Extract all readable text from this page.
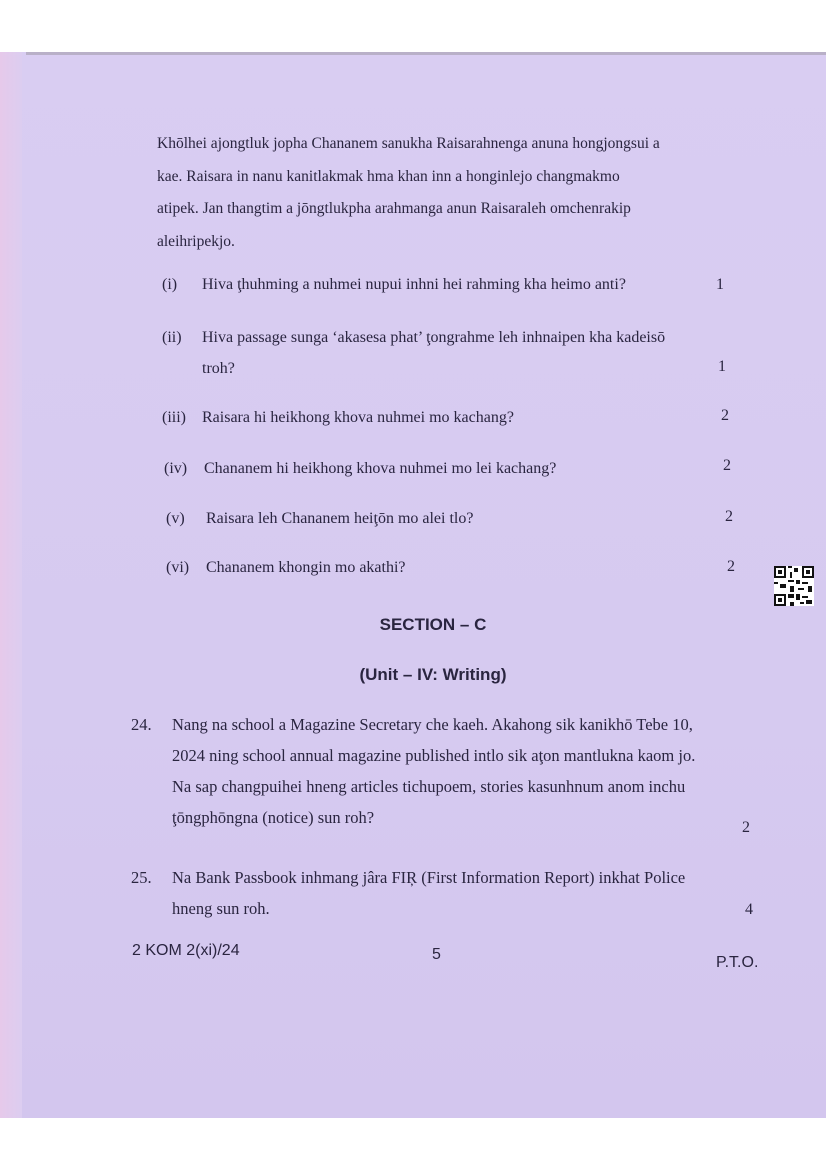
Khōlhei ajongtluk jopha Chananem sanukha Raisarahnenga anuna hongjongsui a
kae. Raisara in nanu kanitlakmak hma khan inn a honginlejo changmakmo
atipek. Jan thangtim a jōngtlukpha arahmanga anun Raisaraleh omchenrakip
aleihripekjo.
(i) Hiva ţhuhming a nuhmei nupui inhni hei rahming kha heimo anti?	1
(ii) Hiva passage sunga ‘akasesa phat’ ţongrahme leh inhnaipen kha kadeisō
troh?	1
(iii) Raisara hi heikhong khova nuhmei mo kachang?	2
(iv) Chananem hi heikhong khova nuhmei mo lei kachang?	2
(v) Raisara leh Chananem heiţōn mo alei tlo?	2
(vi) Chananem khongin mo akathi?	2
SECTION – C
(Unit – IV: Writing)
24. Nang na school a Magazine Secretary che kaeh. Akahong sik kanikhō Tebe 10,
2024 ning school annual magazine published intlo sik aţon mantlukna kaom jo.
Na sap changpuihei hneng articles tichupoem, stories kasunhnum anom inchu
ţōngphōngna (notice) sun roh?
2
25. Na Bank Passbook inhmang jâra FIŖ (First Information Report) inkhat Police
hneng sun roh.	4
2 KOM 2(xi)/24	5	P.T.O.
